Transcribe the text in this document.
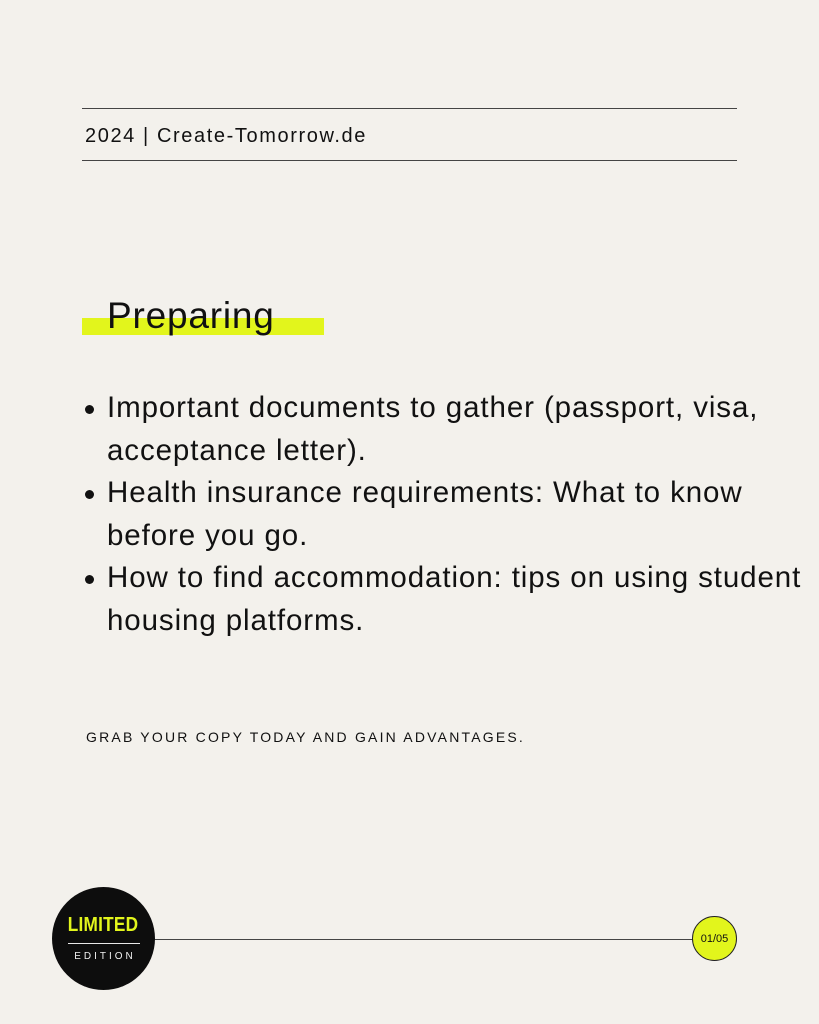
2024 | Create-Tomorrow.de
Preparing
Important documents to gather (passport, visa, acceptance letter).
Health insurance requirements: What to know before you go.
How to find accommodation: tips on using student housing platforms.
GRAB YOUR COPY TODAY AND GAIN ADVANTAGES.
LIMITED
EDITION
01/05
